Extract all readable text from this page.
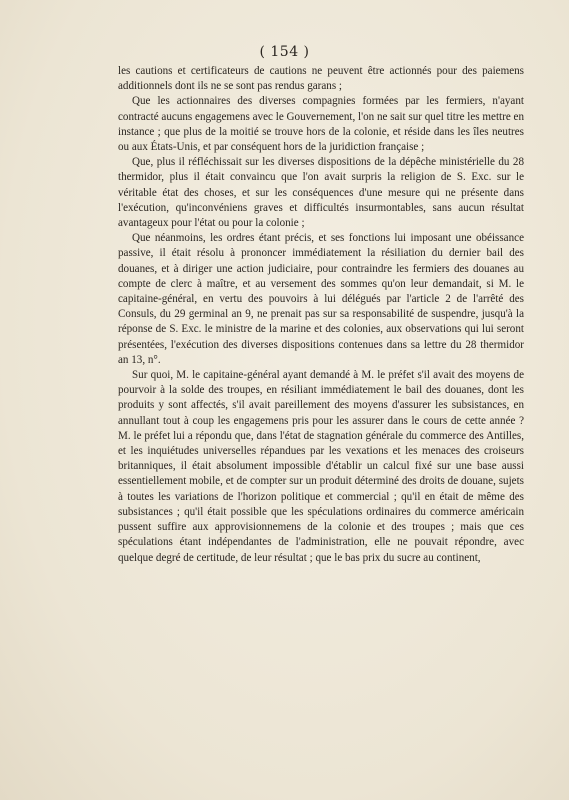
( 154 )

les cautions et certificateurs de cautions ne peuvent être actionnés pour des paiemens additionnels dont ils ne se sont pas rendus garans ;

Que les actionnaires des diverses compagnies formées par les fermiers, n'ayant contracté aucuns engagemens avec le Gouvernement, l'on ne sait sur quel titre les mettre en instance ; que plus de la moitié se trouve hors de la colonie, et réside dans les îles neutres ou aux États-Unis, et par conséquent hors de la juridiction française ;

Que, plus il réfléchissait sur les diverses dispositions de la dépêche ministérielle du 28 thermidor, plus il était convaincu que l'on avait surpris la religion de S. Exc. sur le véritable état des choses, et sur les conséquences d'une mesure qui ne présente dans l'exécution, qu'inconvéniens graves et difficultés insurmontables, sans aucun résultat avantageux pour l'état ou pour la colonie ;

Que néanmoins, les ordres étant précis, et ses fonctions lui imposant une obéissance passive, il était résolu à prononcer immédiatement la résiliation du dernier bail des douanes, et à diriger une action judiciaire, pour contraindre les fermiers des douanes au compte de clerc à maître, et au versement des sommes qu'on leur demandait, si M. le capitaine-général, en vertu des pouvoirs à lui délégués par l'article 2 de l'arrêté des Consuls, du 29 germinal an 9, ne prenait pas sur sa responsabilité de suspendre, jusqu'à la réponse de S. Exc. le ministre de la marine et des colonies, aux observations qui lui seront présentées, l'exécution des diverses dispositions contenues dans sa lettre du 28 thermidor an 13, n°.

Sur quoi, M. le capitaine-général ayant demandé à M. le préfet s'il avait des moyens de pourvoir à la solde des troupes, en résiliant immédiatement le bail des douanes, dont les produits y sont affectés, s'il avait pareillement des moyens d'assurer les subsistances, en annullant tout à coup les engagemens pris pour les assurer dans le cours de cette année ? M. le préfet lui a répondu que, dans l'état de stagnation générale du commerce des Antilles, et les inquiétudes universelles répandues par les vexations et les menaces des croiseurs britanniques, il était absolument impossible d'établir un calcul fixé sur une base aussi essentiellement mobile, et de compter sur un produit déterminé des droits de douane, sujets à toutes les variations de l'horizon politique et commercial ; qu'il en était de même des subsistances ; qu'il était possible que les spéculations ordinaires du commerce américain pussent suffire aux approvisionnemens de la colonie et des troupes ; mais que ces spéculations étant indépendantes de l'administration, elle ne pouvait répondre, avec quelque degré de certitude, de leur résultat ; que le bas prix du sucre au continent,
